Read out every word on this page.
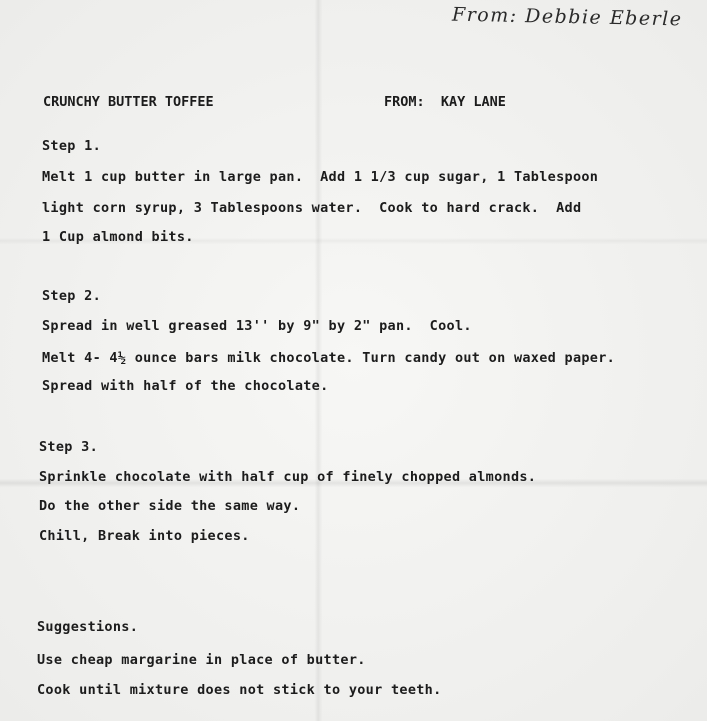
From: Debbie Eberle
CRUNCHY BUTTER TOFFEE	FROM:  KAY LANE
Step 1.
Melt 1 cup butter in large pan.  Add 1 1/3 cup sugar, 1 Tablespoon
light corn syrup, 3 Tablespoons water.  Cook to hard crack.  Add
1 Cup almond bits.
Step 2.
Spread in well greased 13'' by 9" by 2" pan.  Cool.
Melt 4- 4½ ounce bars milk chocolate. Turn candy out on waxed paper.
Spread with half of the chocolate.
Step 3.
Sprinkle chocolate with half cup of finely chopped almonds.
Do the other side the same way.
Chill, Break into pieces.
Suggestions.
Use cheap margarine in place of butter.
Cook until mixture does not stick to your teeth.
